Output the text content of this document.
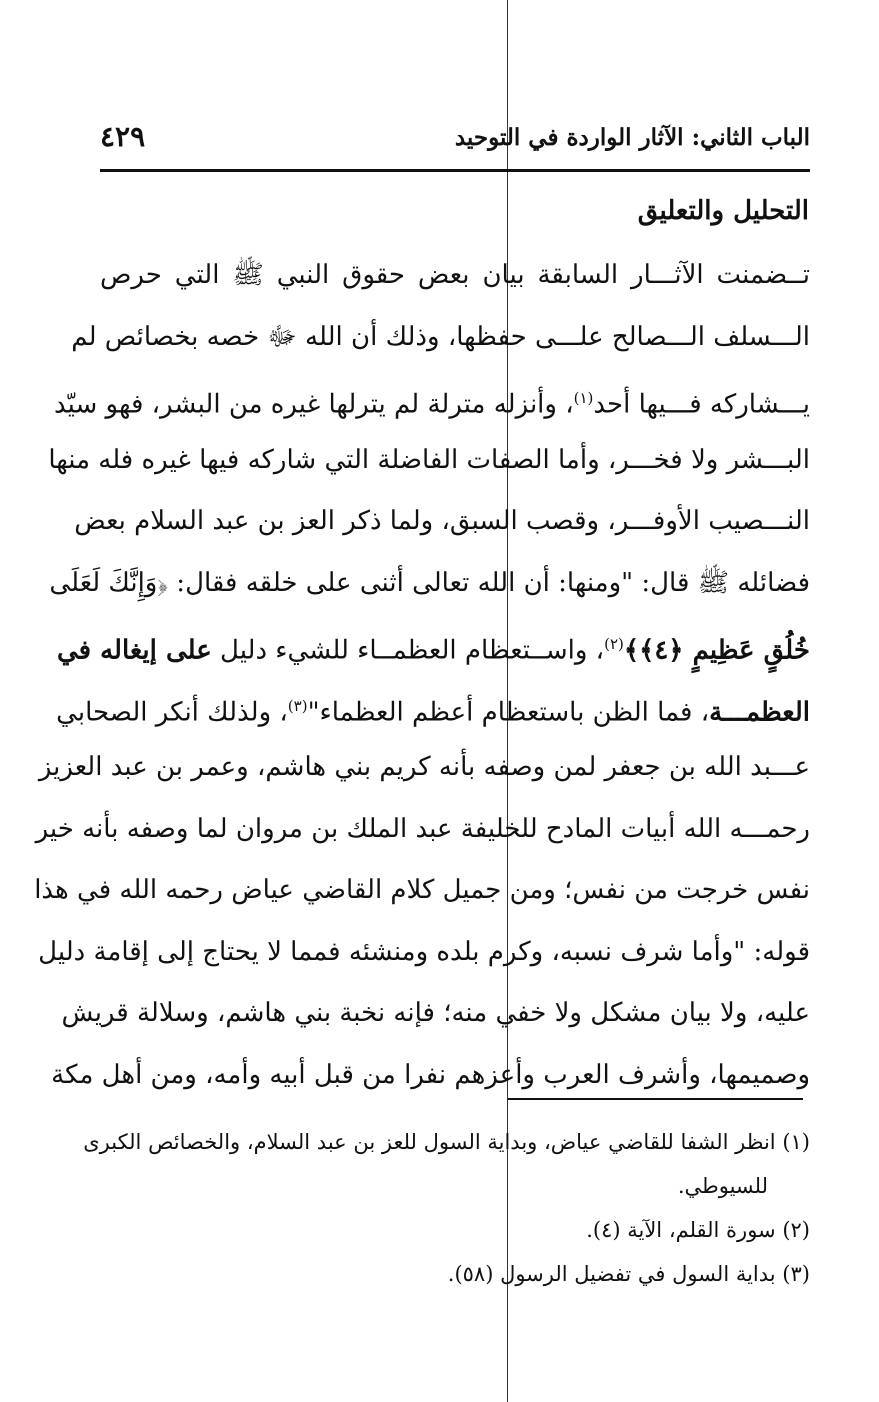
الباب الثاني: الآثار الواردة في التوحيد
٤٢٩
التحليل والتعليق
تــضمنت الآثـــار السابقة بيان بعض حقوق النبي ﷺ التي حرص
الـــسلف الـــصالح علـــى حفظها، وذلك أن الله ﷻ خصه بخصائص لم
يـــشاركه فـــيها أحد$^{(١)}$، وأنزله مترلة لم يترلها غيره من البشر، فهو سيّد
البـــشر ولا فخـــر، وأما الصفات الفاضلة التي شاركه فيها غيره فله منها
النـــصيب الأوفـــر، وقصب السبق، ولما ذكر العز بن عبد السلام بعض
فضائله ﷺ قال: "ومنها: أن الله تعالى أثنى على خلقه فقال: ﴿وَإِنَّكَ لَعَلَى
خُلُقٍ عَظِيمٍ ﴿٤﴾﴾$^{(٢)}$، واســتعظام العظمــاء للشيء دليل على إيغاله في
العظمـــة، فما الظن باستعظام أعظم العظماء"$^{(٣)}$، ولذلك أنكر الصحابي
عـــبد الله بن جعفر لمن وصفه بأنه كريم بني هاشم، وعمر بن عبد العزيز
رحمـــه الله أبيات المادح للخليفة عبد الملك بن مروان لما وصفه بأنه خير
نفس خرجت من نفس؛ ومن جميل كلام القاضي عياض رحمه الله في هذا
قوله: "وأما شرف نسبه، وكرم بلده ومنشئه فمما لا يحتاج إلى إقامة دليل
عليه، ولا بيان مشكل ولا خفي منه؛ فإنه نخبة بني هاشم، وسلالة قريش
وصميمها، وأشرف العرب وأعزهم نفرا من قبل أبيه وأمه، ومن أهل مكة
(١) انظر الشفا للقاضي عياض، وبداية السول للعز بن عبد السلام، والخصائص الكبرى
للسيوطي.
(٢) سورة القلم، الآية (٤).
(٣) بداية السول في تفضيل الرسول (٥٨).
